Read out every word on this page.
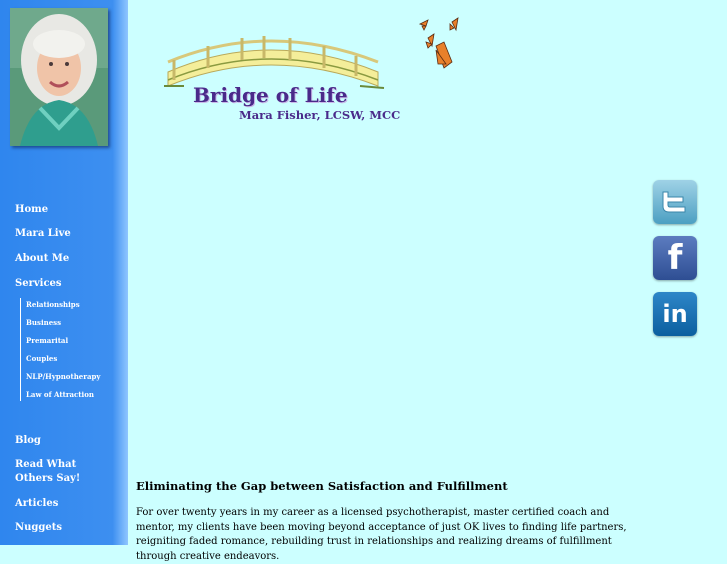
Home
Mara Live
About Me
Services
Relationships
Business
Premarital
Couples
NLP/Hypnotherapy
Law of Attraction
Blog
Read What Others Say!
Articles
Nuggets
Bridge of Life
Mara Fisher, LCSW, MCC
f
in
Eliminating the Gap between Satisfaction and Fulfillment

For over twenty years in my career as a licensed psychotherapist, master certified coach and mentor, my clients have been moving beyond acceptance of just OK lives to finding life partners, reigniting faded romance, rebuilding trust in relationships and realizing dreams of fulfillment through creative endeavors.
